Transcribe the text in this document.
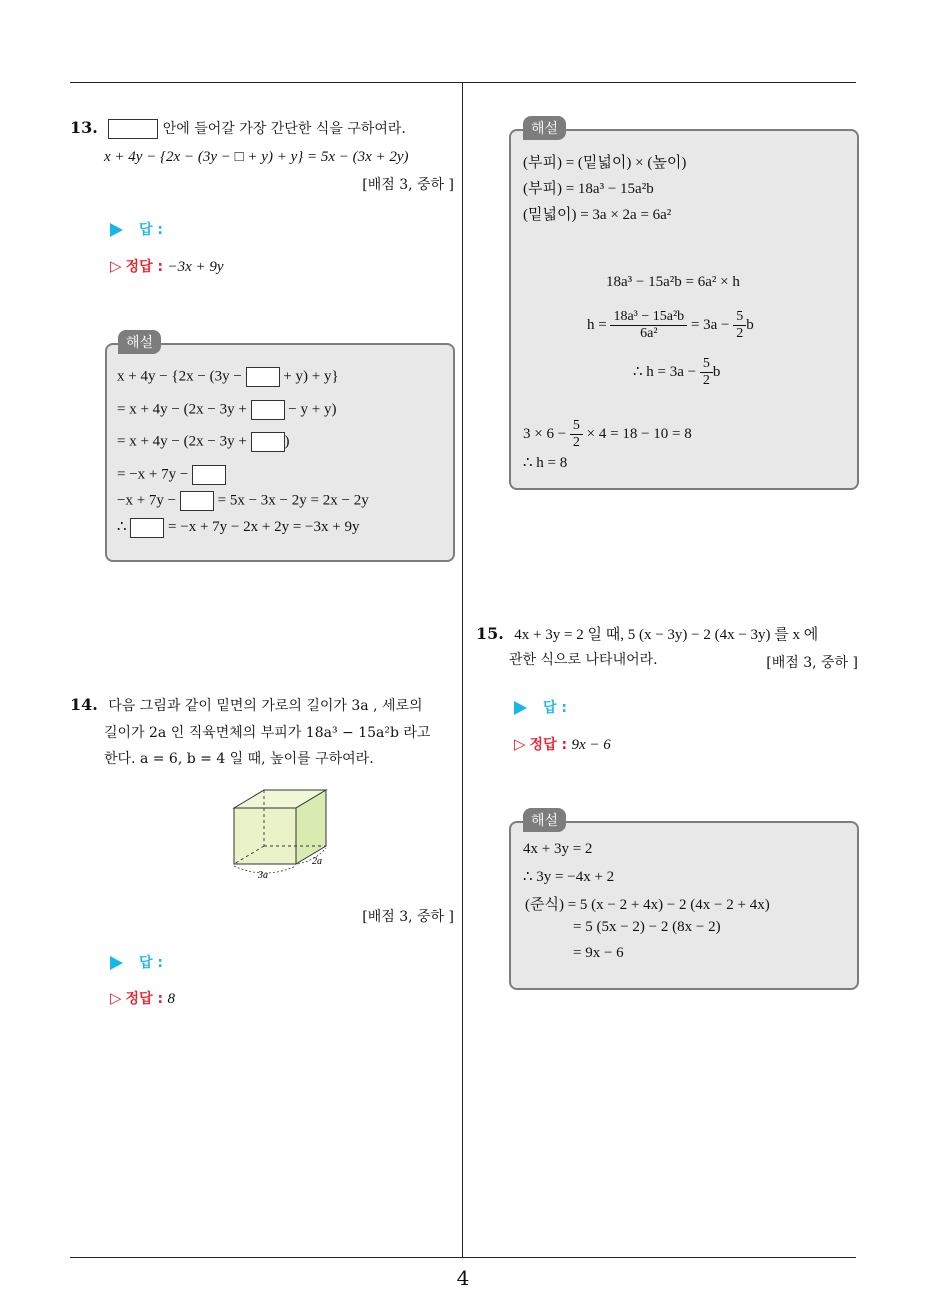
4
13.	안에 들어갈 가장 간단한 식을 구하여라.
x + 4y − {2x − (3y − □ + y) + y} = 5x − (3x + 2y)
[배점 3, 중하 ]
답 :
▷ 정답 : −3x + 9y
x + 4y − {2x − (3y −	+ y) + y}
= x + 4y − (2x − 3y +	− y + y)
= x + 4y − (2x − 3y +	)
= −x + 7y −
−x + 7y −	= 5x − 3x − 2y = 2x − 2y
∴	= −x + 7y − 2x + 2y = −3x + 9y
해설
14. 다음 그림과 같이 밑면의 가로의 길이가 3a , 세로의
길이가 2a 인 직육면체의 부피가 18a³ − 15a²b 라고
한다. a = 6, b = 4 일 때, 높이를 구하여라.
3a
2a
[배점 3, 중하 ]
답 :
▷ 정답 : 8
(부피) = (밑넓이) × (높이)
(부피) = 18a³ − 15a²b
(밑넓이) = 3a × 2a = 6a²
18a³ − 15a²b = 6a² × h
$h = \frac{\text{18a³ − 15a²b}}{\text{6a²}} = 3a - \frac{5}{2}$ b
∴ $h = 3a - \frac{5}{2}$ b
$3 \times 6 - \frac{5}{2} \times 4 = 18 - 10 = 8$
∴ h = 8
해설
15. 4x + 3y = 2 일 때, 5 (x − 3y) − 2 (4x − 3y) 를 x 에
관한 식으로 나타내어라.	[배점 3, 중하 ]
답 :
▷ 정답 : 9x − 6
4x + 3y = 2
∴ 3y = −4x + 2
(준식) = 5 (x − 2 + 4x) − 2 (4x − 2 + 4x)
= 5 (5x − 2) − 2 (8x − 2)
= 9x − 6
해설
